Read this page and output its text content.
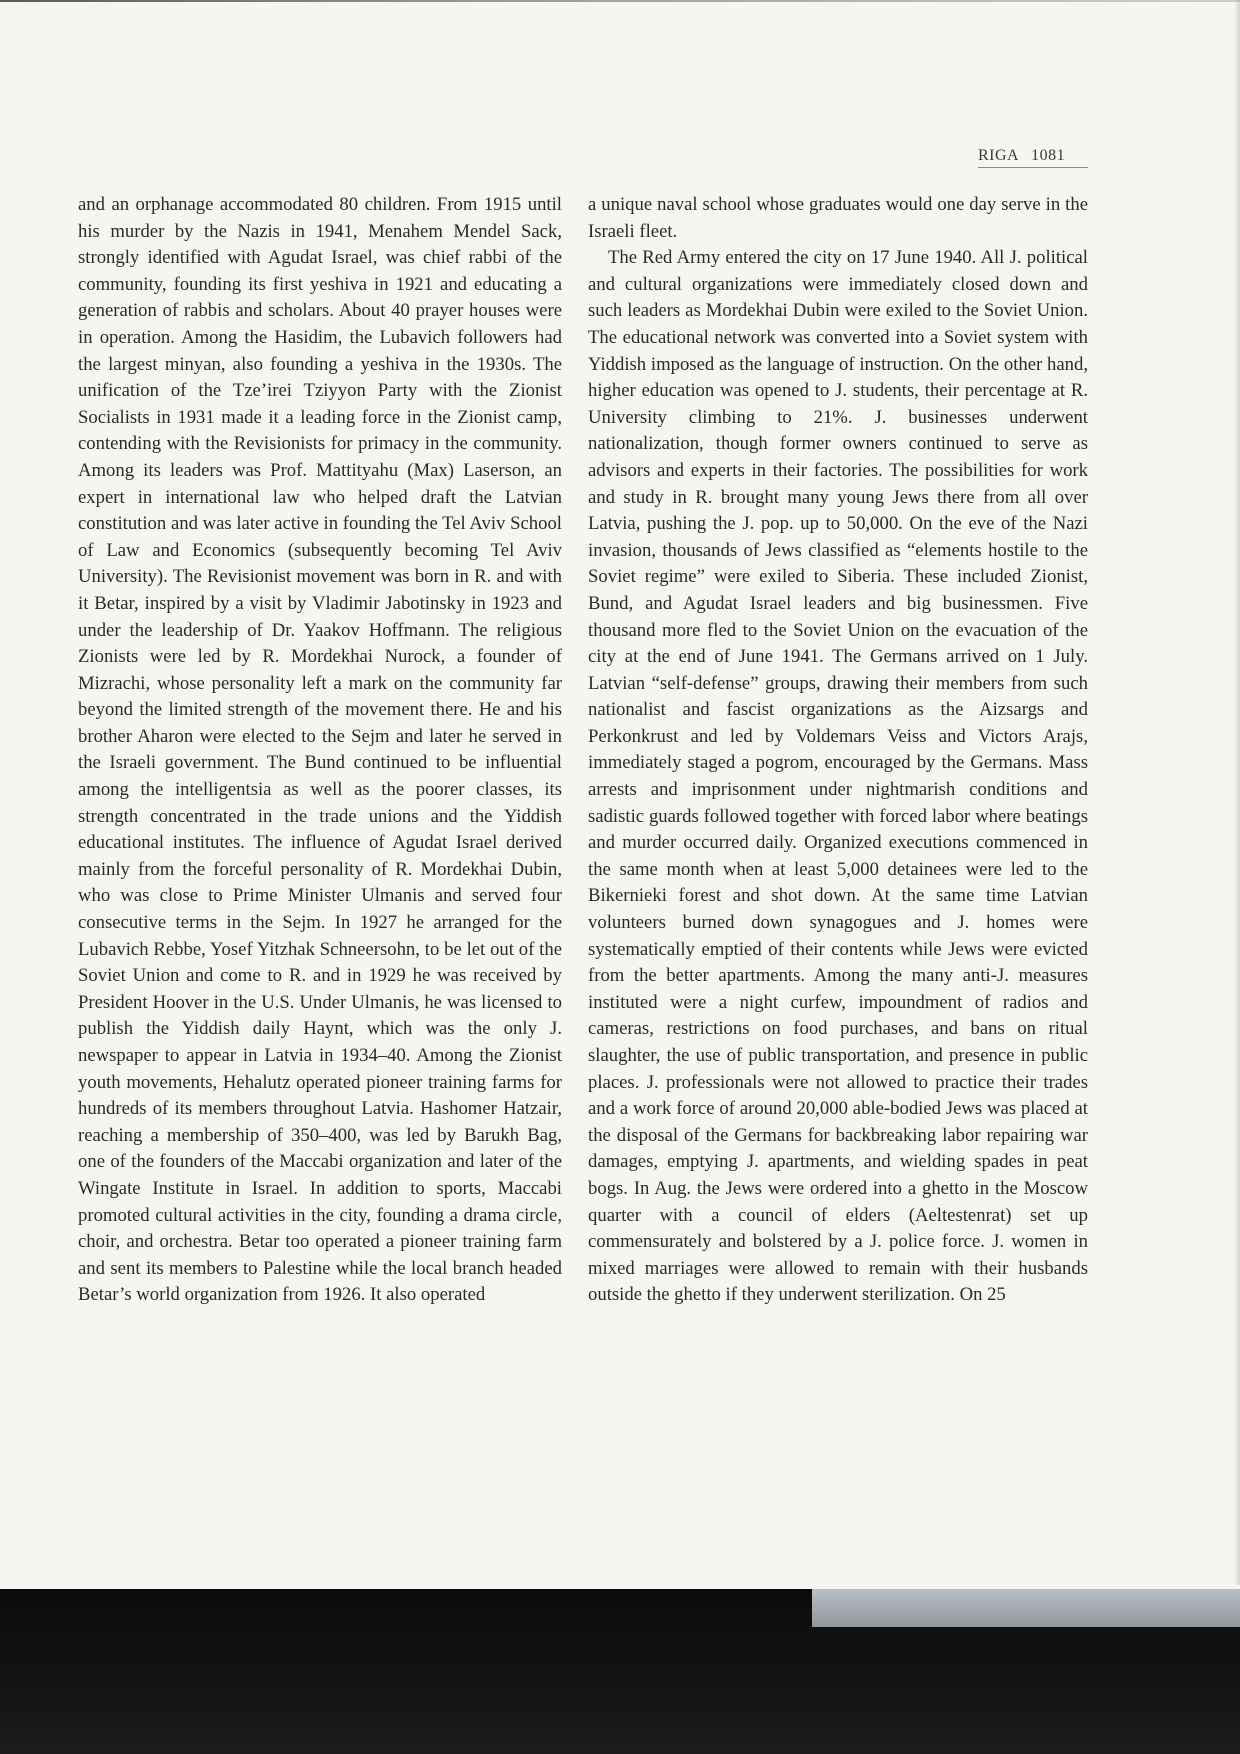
RIGA 1081

and an orphanage accommodated 80 children. From 1915 until his murder by the Nazis in 1941, Menahem Mendel Sack, strongly identified with Agudat Israel, was chief rabbi of the community, founding its first yeshiva in 1921 and educating a generation of rabbis and scholars. About 40 prayer houses were in operation. Among the Hasidim, the Lubavich followers had the largest minyan, also founding a yeshiva in the 1930s. The unification of the Tze’irei Tziyyon Party with the Zionist Socialists in 1931 made it a leading force in the Zionist camp, contending with the Revisionists for primacy in the community. Among its leaders was Prof. Mattityahu (Max) Laserson, an expert in international law who helped draft the Latvian constitution and was later active in founding the Tel Aviv School of Law and Economics (subsequently becoming Tel Aviv University). The Revisionist movement was born in R. and with it Betar, inspired by a visit by Vladimir Jabotinsky in 1923 and under the leadership of Dr. Yaakov Hoffmann. The religious Zionists were led by R. Mordekhai Nurock, a founder of Mizrachi, whose personality left a mark on the community far beyond the limited strength of the movement there. He and his brother Aharon were elected to the Sejm and later he served in the Israeli government. The Bund continued to be influential among the intelligentsia as well as the poorer classes, its strength concentrated in the trade unions and the Yiddish educational institutes. The influence of Agudat Israel derived mainly from the forceful personality of R. Mordekhai Dubin, who was close to Prime Minister Ulmanis and served four consecutive terms in the Sejm. In 1927 he arranged for the Lubavich Rebbe, Yosef Yitzhak Schneersohn, to be let out of the Soviet Union and come to R. and in 1929 he was received by President Hoover in the U.S. Under Ulmanis, he was licensed to publish the Yiddish daily Haynt, which was the only J. newspaper to appear in Latvia in 1934–40. Among the Zionist youth movements, Hehalutz operated pioneer training farms for hundreds of its members throughout Latvia. Hashomer Hatzair, reaching a membership of 350–400, was led by Barukh Bag, one of the founders of the Maccabi organization and later of the Wingate Institute in Israel. In addition to sports, Maccabi promoted cultural activities in the city, founding a drama circle, choir, and orchestra. Betar too operated a pioneer training farm and sent its members to Palestine while the local branch headed Betar’s world organization from 1926. It also operated

a unique naval school whose graduates would one day serve in the Israeli fleet.

The Red Army entered the city on 17 June 1940. All J. political and cultural organizations were immediately closed down and such leaders as Mordekhai Dubin were exiled to the Soviet Union. The educational network was converted into a Soviet system with Yiddish imposed as the language of instruction. On the other hand, higher education was opened to J. students, their percentage at R. University climbing to 21%. J. businesses underwent nationalization, though former owners continued to serve as advisors and experts in their factories. The possibilities for work and study in R. brought many young Jews there from all over Latvia, pushing the J. pop. up to 50,000. On the eve of the Nazi invasion, thousands of Jews classified as “elements hostile to the Soviet regime” were exiled to Siberia. These included Zionist, Bund, and Agudat Israel leaders and big businessmen. Five thousand more fled to the Soviet Union on the evacuation of the city at the end of June 1941. The Germans arrived on 1 July. Latvian “self-defense” groups, drawing their members from such nationalist and fascist organizations as the Aizsargs and Perkonkrust and led by Voldemars Veiss and Victors Arajs, immediately staged a pogrom, encouraged by the Germans. Mass arrests and imprisonment under nightmarish conditions and sadistic guards followed together with forced labor where beatings and murder occurred daily. Organized executions commenced in the same month when at least 5,000 detainees were led to the Bikernieki forest and shot down. At the same time Latvian volunteers burned down synagogues and J. homes were systematically emptied of their contents while Jews were evicted from the better apartments. Among the many anti-J. measures instituted were a night curfew, impoundment of radios and cameras, restrictions on food purchases, and bans on ritual slaughter, the use of public transportation, and presence in public places. J. professionals were not allowed to practice their trades and a work force of around 20,000 able-bodied Jews was placed at the disposal of the Germans for backbreaking labor repairing war damages, emptying J. apartments, and wielding spades in peat bogs. In Aug. the Jews were ordered into a ghetto in the Moscow quarter with a council of elders (Aeltestenrat) set up commensurately and bolstered by a J. police force. J. women in mixed marriages were allowed to remain with their husbands outside the ghetto if they underwent sterilization. On 25
